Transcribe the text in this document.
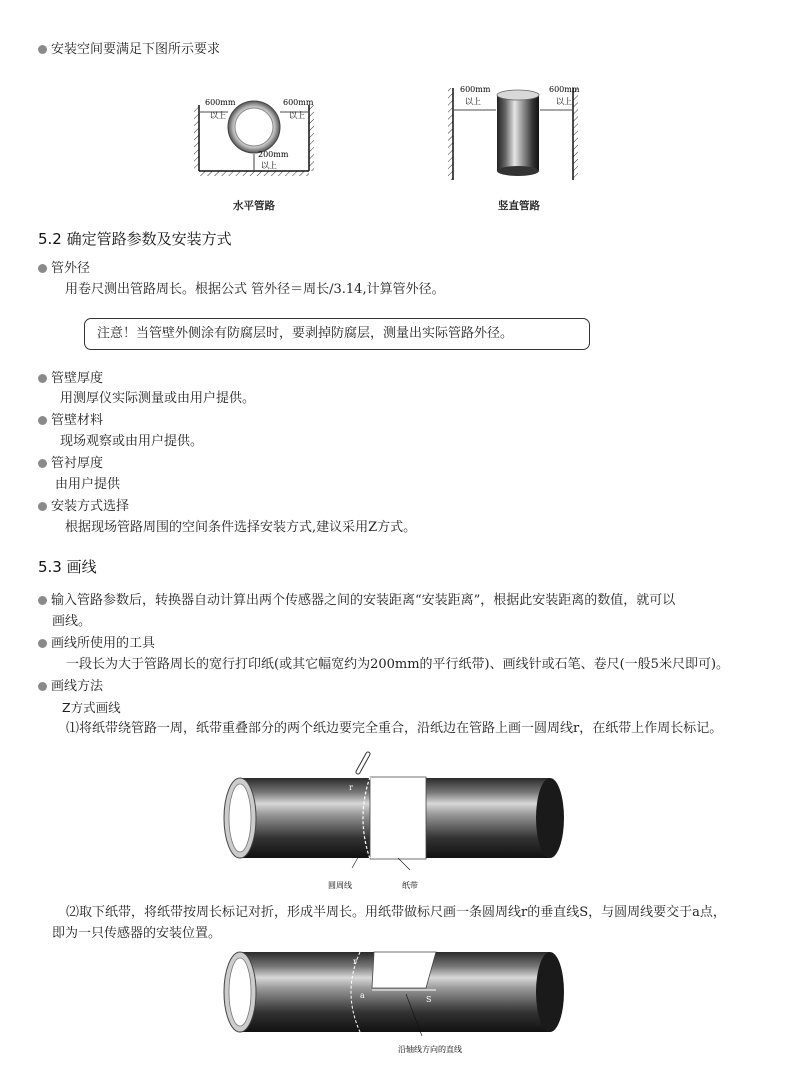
安装空间要满足下图所示要求
600mm
以上
600mm
以上
200mm
以上
600mm
以上
600mm
以上
水平管路	竖直管路
5.2 确定管路参数及安装方式
管外径
用卷尺测出管路周长。根据公式 管外径＝周长/3.14,计算管外径。
注意！当管壁外侧涂有防腐层时，要剥掉防腐层，测量出实际管路外径。
管壁厚度
用测厚仪实际测量或由用户提供。
管壁材料
现场观察或由用户提供。
管衬厚度
由用户提供
安装方式选择
根据现场管路周围的空间条件选择安装方式,建议采用Z方式。
5.3 画线
输入管路参数后，转换器自动计算出两个传感器之间的安装距离“安装距离”，根据此安装距离的数值，就可以
画线。
画线所使用的工具
一段长为大于管路周长的宽行打印纸(或其它幅宽约为200mm的平行纸带)、画线针或石笔、卷尺(一般5米尺即可)。
画线方法
Z方式画线
⑴将纸带绕管路一周，纸带重叠部分的两个纸边要完全重合，沿纸边在管路上画一圆周线r，在纸带上作周长标记。
r
圆周线	纸带
⑵取下纸带，将纸带按周长标记对折，形成半周长。用纸带做标尺画一条圆周线r的垂直线S，与圆周线要交于a点，
即为一只传感器的安装位置。
r
a	S
沿轴线方向的直线
